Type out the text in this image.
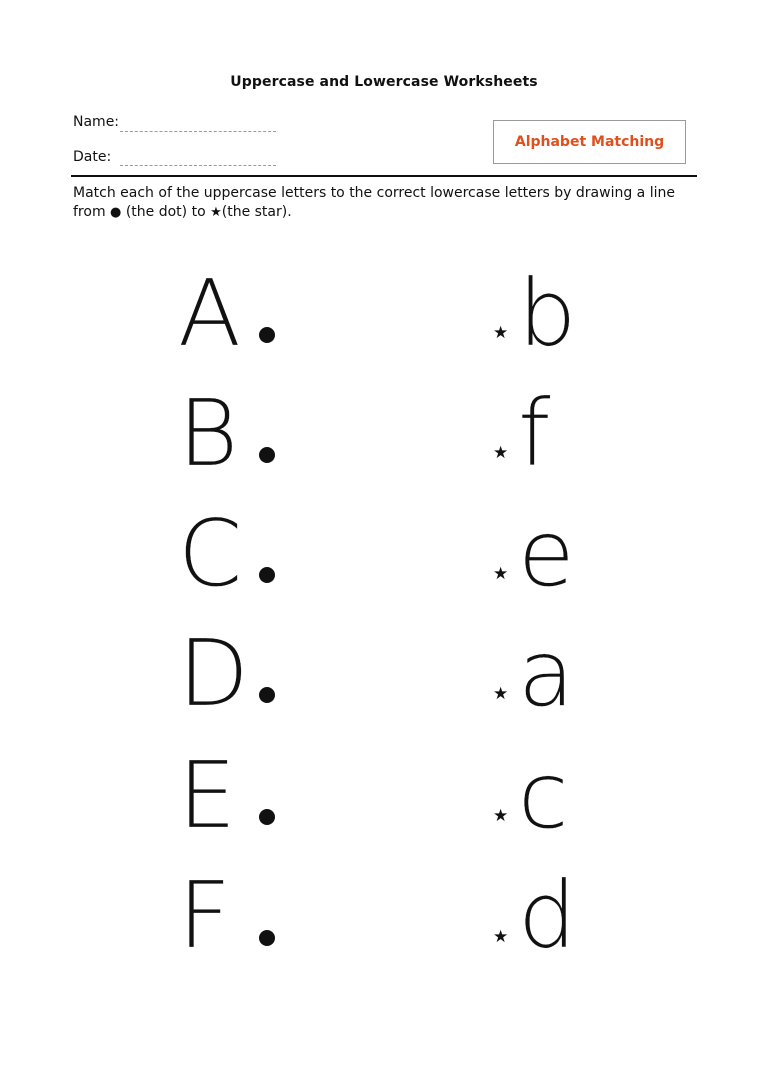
Uppercase and Lowercase Worksheets
Name:
Date:
Alphabet Matching
Match each of the uppercase letters to the correct lowercase letters by drawing a line
from ● (the dot) to ★(the star).
A	★ b
B	★ f
C	★ e
D	★ a
E	★ c
F	★ d
